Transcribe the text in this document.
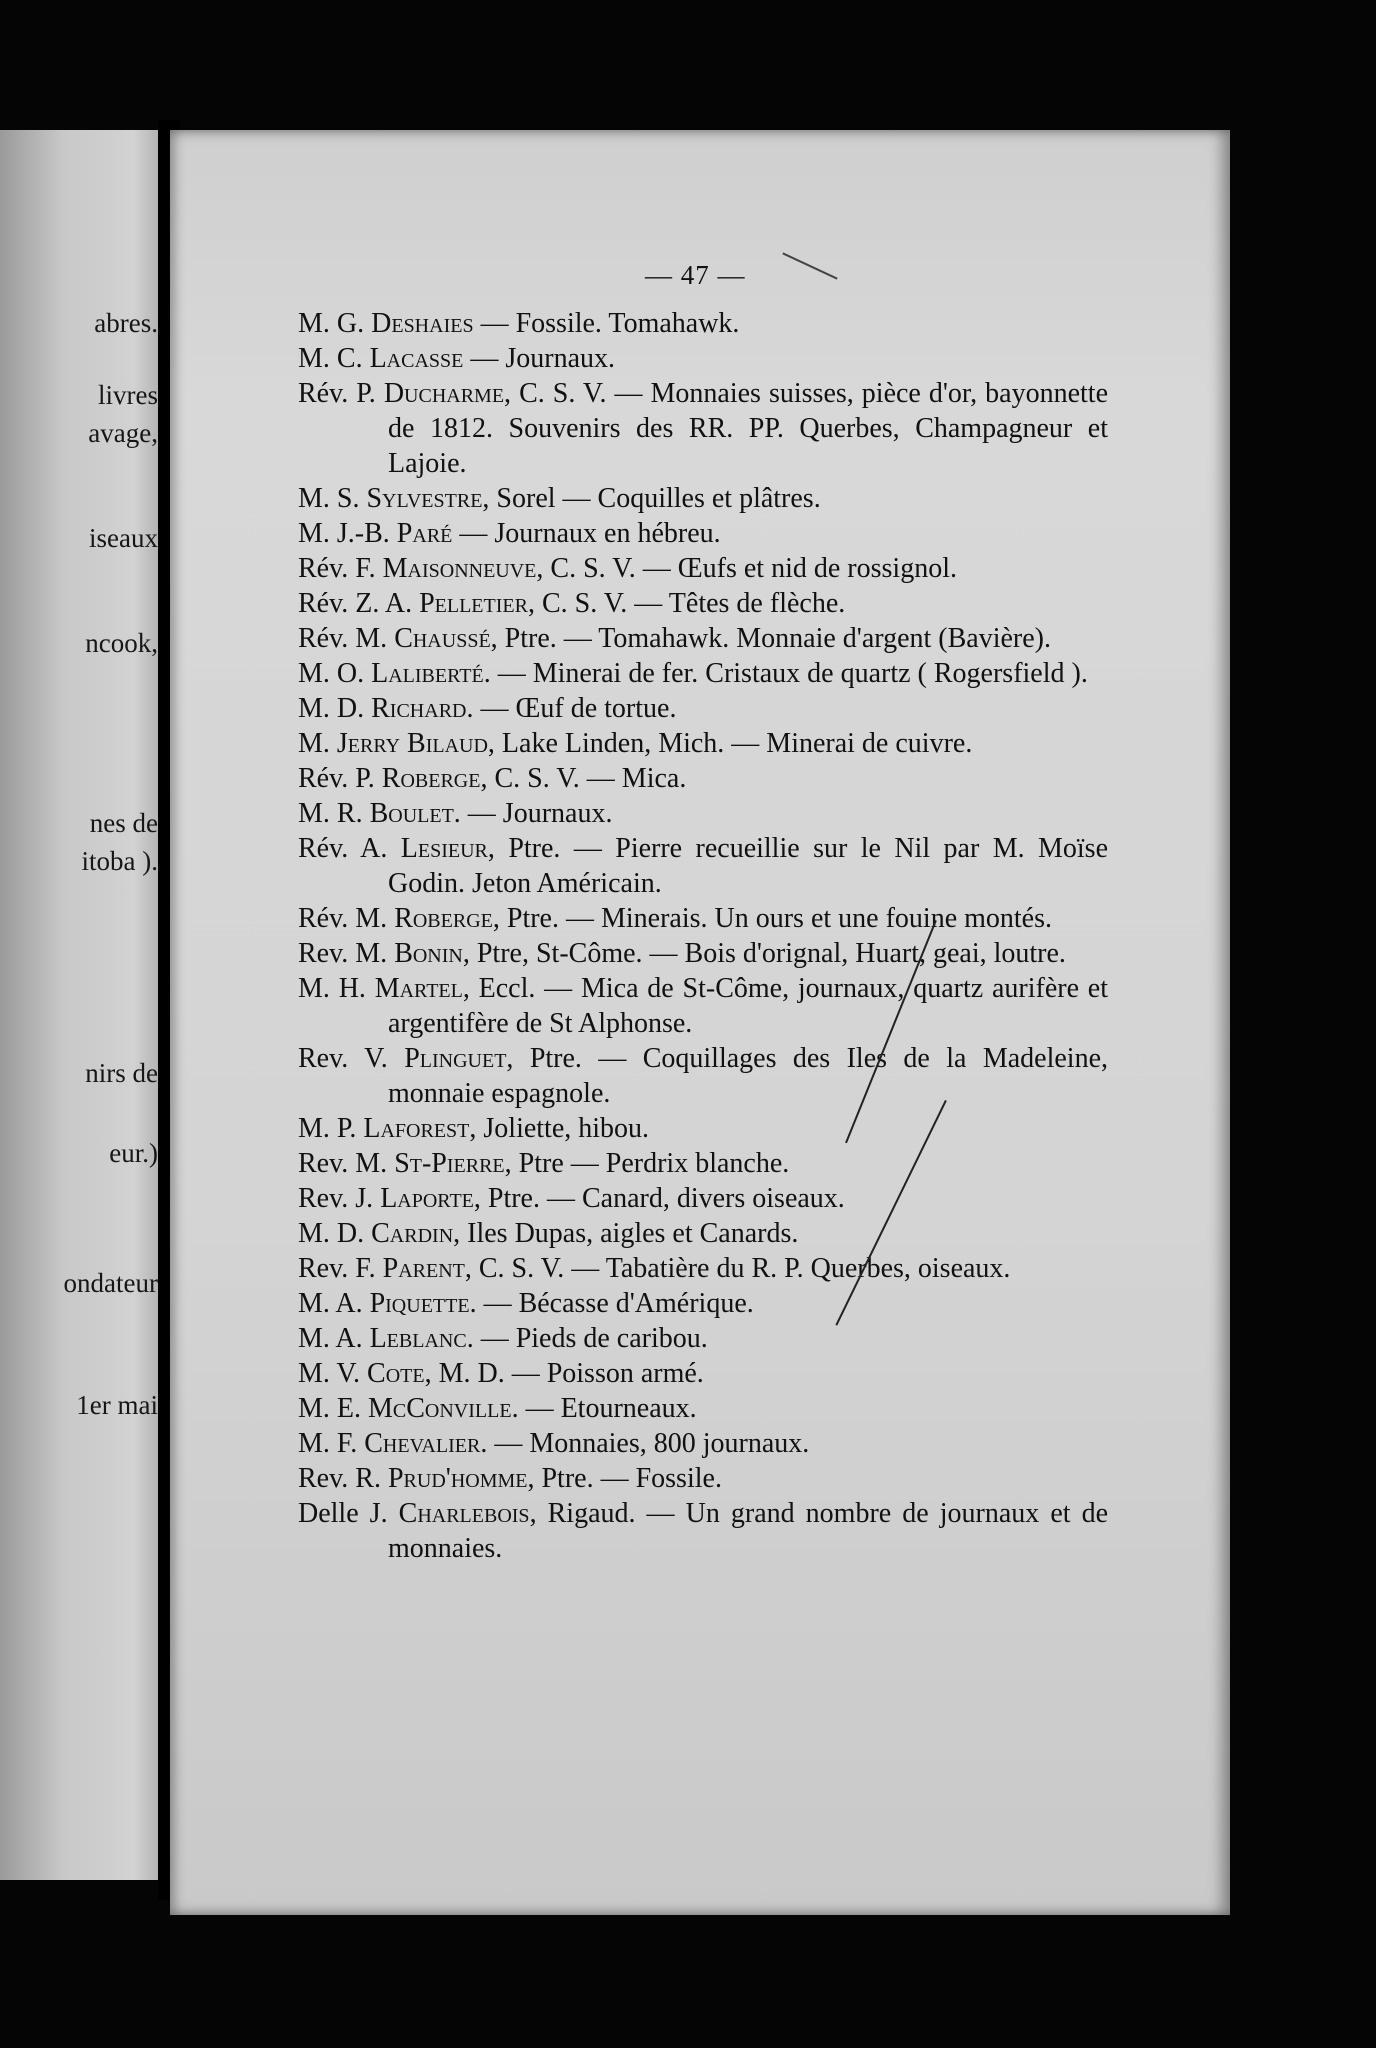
abres.
livres
avage,
iseaux
ncook,
nes de
itoba ).
nirs de
eur.)
ondateur
1er mai
— 47 —
M. G. Deshaies — Fossile. Tomahawk.
M. C. Lacasse — Journaux.
Rév. P. Ducharme, C. S. V. — Monnaies suisses, pièce d'or, bayonnette de 1812. Souvenirs des RR. PP. Querbes, Champagneur et Lajoie.
M. S. Sylvestre, Sorel — Coquilles et plâtres.
M. J.-B. Paré — Journaux en hébreu.
Rév. F. Maisonneuve, C. S. V. — Œufs et nid de rossignol.
Rév. Z. A. Pelletier, C. S. V. — Têtes de flèche.
Rév. M. Chaussé, Ptre. — Tomahawk. Monnaie d'argent (Bavière).
M. O. Laliberté. — Minerai de fer. Cristaux de quartz ( Rogersfield ).
M. D. Richard. — Œuf de tortue.
M. Jerry Bilaud, Lake Linden, Mich. — Minerai de cuivre.
Rév. P. Roberge, C. S. V. — Mica.
M. R. Boulet. — Journaux.
Rév. A. Lesieur, Ptre. — Pierre recueillie sur le Nil par M. Moïse Godin. Jeton Américain.
Rév. M. Roberge, Ptre. — Minerais. Un ours et une fouine montés.
Rev. M. Bonin, Ptre, St-Côme. — Bois d'orignal, Huart, geai, loutre.
M. H. Martel, Eccl. — Mica de St-Côme, journaux, quartz aurifère et argentifère de St Alphonse.
Rev. V. Plinguet, Ptre. — Coquillages des Iles de la Madeleine, monnaie espagnole.
M. P. Laforest, Joliette, hibou.
Rev. M. St-Pierre, Ptre — Perdrix blanche.
Rev. J. Laporte, Ptre. — Canard, divers oiseaux.
M. D. Cardin, Iles Dupas, aigles et Canards.
Rev. F. Parent, C. S. V. — Tabatière du R. P. Querbes, oiseaux.
M. A. Piquette. — Bécasse d'Amérique.
M. A. Leblanc. — Pieds de caribou.
M. V. Cote, M. D. — Poisson armé.
M. E. McConville. — Etourneaux.
M. F. Chevalier. — Monnaies, 800 journaux.
Rev. R. Prud'homme, Ptre. — Fossile.
Delle J. Charlebois, Rigaud. — Un grand nombre de journaux et de monnaies.
